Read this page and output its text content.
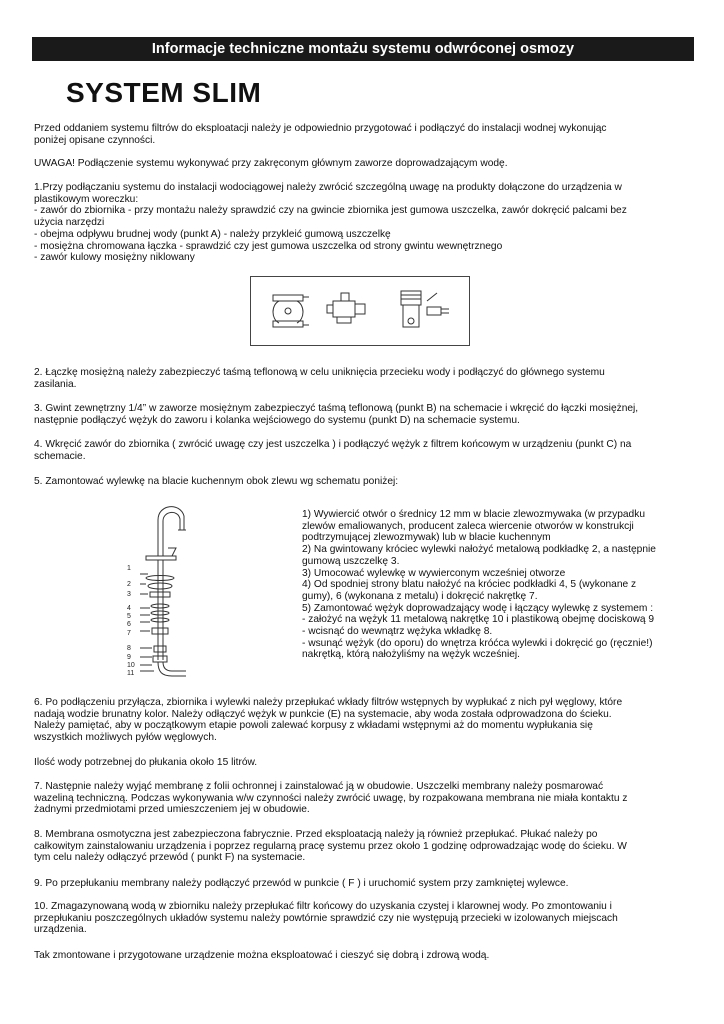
Informacje techniczne montażu systemu odwróconej osmozy
SYSTEM SLIM
Przed oddaniem systemu filtrów do eksploatacji należy je odpowiednio przygotować i podłączyć do instalacji wodnej wykonując
poniżej opisane czynności.
UWAGA! Podłączenie systemu wykonywać przy zakręconym głównym zaworze doprowadzającym wodę.
1.Przy podłączaniu systemu do instalacji wodociągowej należy zwrócić szczególną uwagę na produkty dołączone do urządzenia w
plastikowym woreczku:
- zawór do zbiornika - przy montażu należy sprawdzić czy na gwincie zbiornika jest gumowa uszczelka, zawór dokręcić palcami bez
użycia narzędzi
- obejma odpływu brudnej wody (punkt A) - należy przykleić gumową uszczelkę
- mosiężna chromowana łączka - sprawdzić czy jest gumowa uszczelka od strony gwintu wewnętrznego
- zawór kulowy mosiężny niklowany
2. Łączkę mosiężną należy zabezpieczyć taśmą teflonową w celu uniknięcia przecieku wody i podłączyć do głównego systemu
zasilania.
3. Gwint zewnętrzny 1/4” w zaworze mosiężnym zabezpieczyć taśmą teflonową (punkt B) na schemacie i wkręcić do łączki mosiężnej,
następnie podłączyć wężyk do zaworu i kolanka wejściowego do systemu (punkt D) na schemacie systemu.
4. Wkręcić zawór do zbiornika ( zwrócić uwagę czy jest uszczelka ) i podłączyć wężyk z filtrem końcowym w urządzeniu (punkt C) na
schemacie.
5. Zamontować wylewkę na blacie kuchennym obok zlewu wg schematu poniżej:
1
2
3
4
5
6
7
8
9
10
11
1) Wywiercić otwór o średnicy 12 mm w blacie zlewozmywaka (w przypadku
zlewów emaliowanych, producent zaleca wiercenie otworów w konstrukcji
podtrzymującej zlewozmywak) lub w blacie kuchennym
2) Na gwintowany króciec wylewki nałożyć metalową podkładkę 2, a następnie
gumową uszczelkę 3.
3) Umocować wylewkę w wywierconym wcześniej otworze
4) Od spodniej strony blatu nałożyć na króciec podkładki 4, 5 (wykonane z
gumy), 6 (wykonana z metalu) i dokręcić nakrętkę 7.
5) Zamontować wężyk doprowadzający wodę i łączący wylewkę z systemem :
- założyć na wężyk 11 metalową nakrętkę 10 i plastikową obejmę dociskową 9
- wcisnąć do wewnątrz wężyka wkładkę 8.
- wsunąć wężyk (do oporu) do wnętrza króćca wylewki i dokręcić go (ręcznie!)
nakrętką, którą nałożyliśmy na wężyk wcześniej.
6. Po podłączeniu przyłącza, zbiornika i wylewki należy przepłukać wkłady filtrów wstępnych by wypłukać z nich pył węglowy, które
nadają wodzie brunatny kolor. Należy odłączyć wężyk w punkcie (E) na systemacie, aby woda została odprowadzona do ścieku.
Należy pamiętać, aby w początkowym etapie powoli zalewać korpusy z wkładami wstępnymi aż do momentu wypłukania się
wszystkich możliwych pyłów węglowych.
Ilość wody potrzebnej do płukania około 15 litrów.
7. Następnie należy wyjąć membranę z folii ochronnej i zainstalować ją w obudowie. Uszczelki membrany należy posmarować
wazeliną techniczną. Podczas wykonywania w/w czynności należy zwrócić uwagę, by rozpakowana membrana nie miała kontaktu z
żadnymi przedmiotami przed umieszczeniem jej w obudowie.
8. Membrana osmotyczna jest zabezpieczona fabrycznie. Przed eksploatacją należy ją również przepłukać. Płukać należy po
całkowitym zainstalowaniu urządzenia i poprzez regularną pracę systemu przez około 1 godzinę odprowadzając wodę do ścieku. W
tym celu należy odłączyć przewód ( punkt F) na systemacie.
9. Po przepłukaniu membrany należy podłączyć przewód w punkcie ( F ) i uruchomić system przy zamkniętej wylewce.
10. Zmagazynowaną wodą w zbiorniku należy przepłukać filtr końcowy do uzyskania czystej i klarownej wody. Po zmontowaniu i
przepłukaniu poszczególnych układów systemu należy powtórnie sprawdzić czy nie występują przecieki w izolowanych miejscach
urządzenia.
Tak zmontowane i przygotowane urządzenie można eksploatować i cieszyć się dobrą i zdrową wodą.
